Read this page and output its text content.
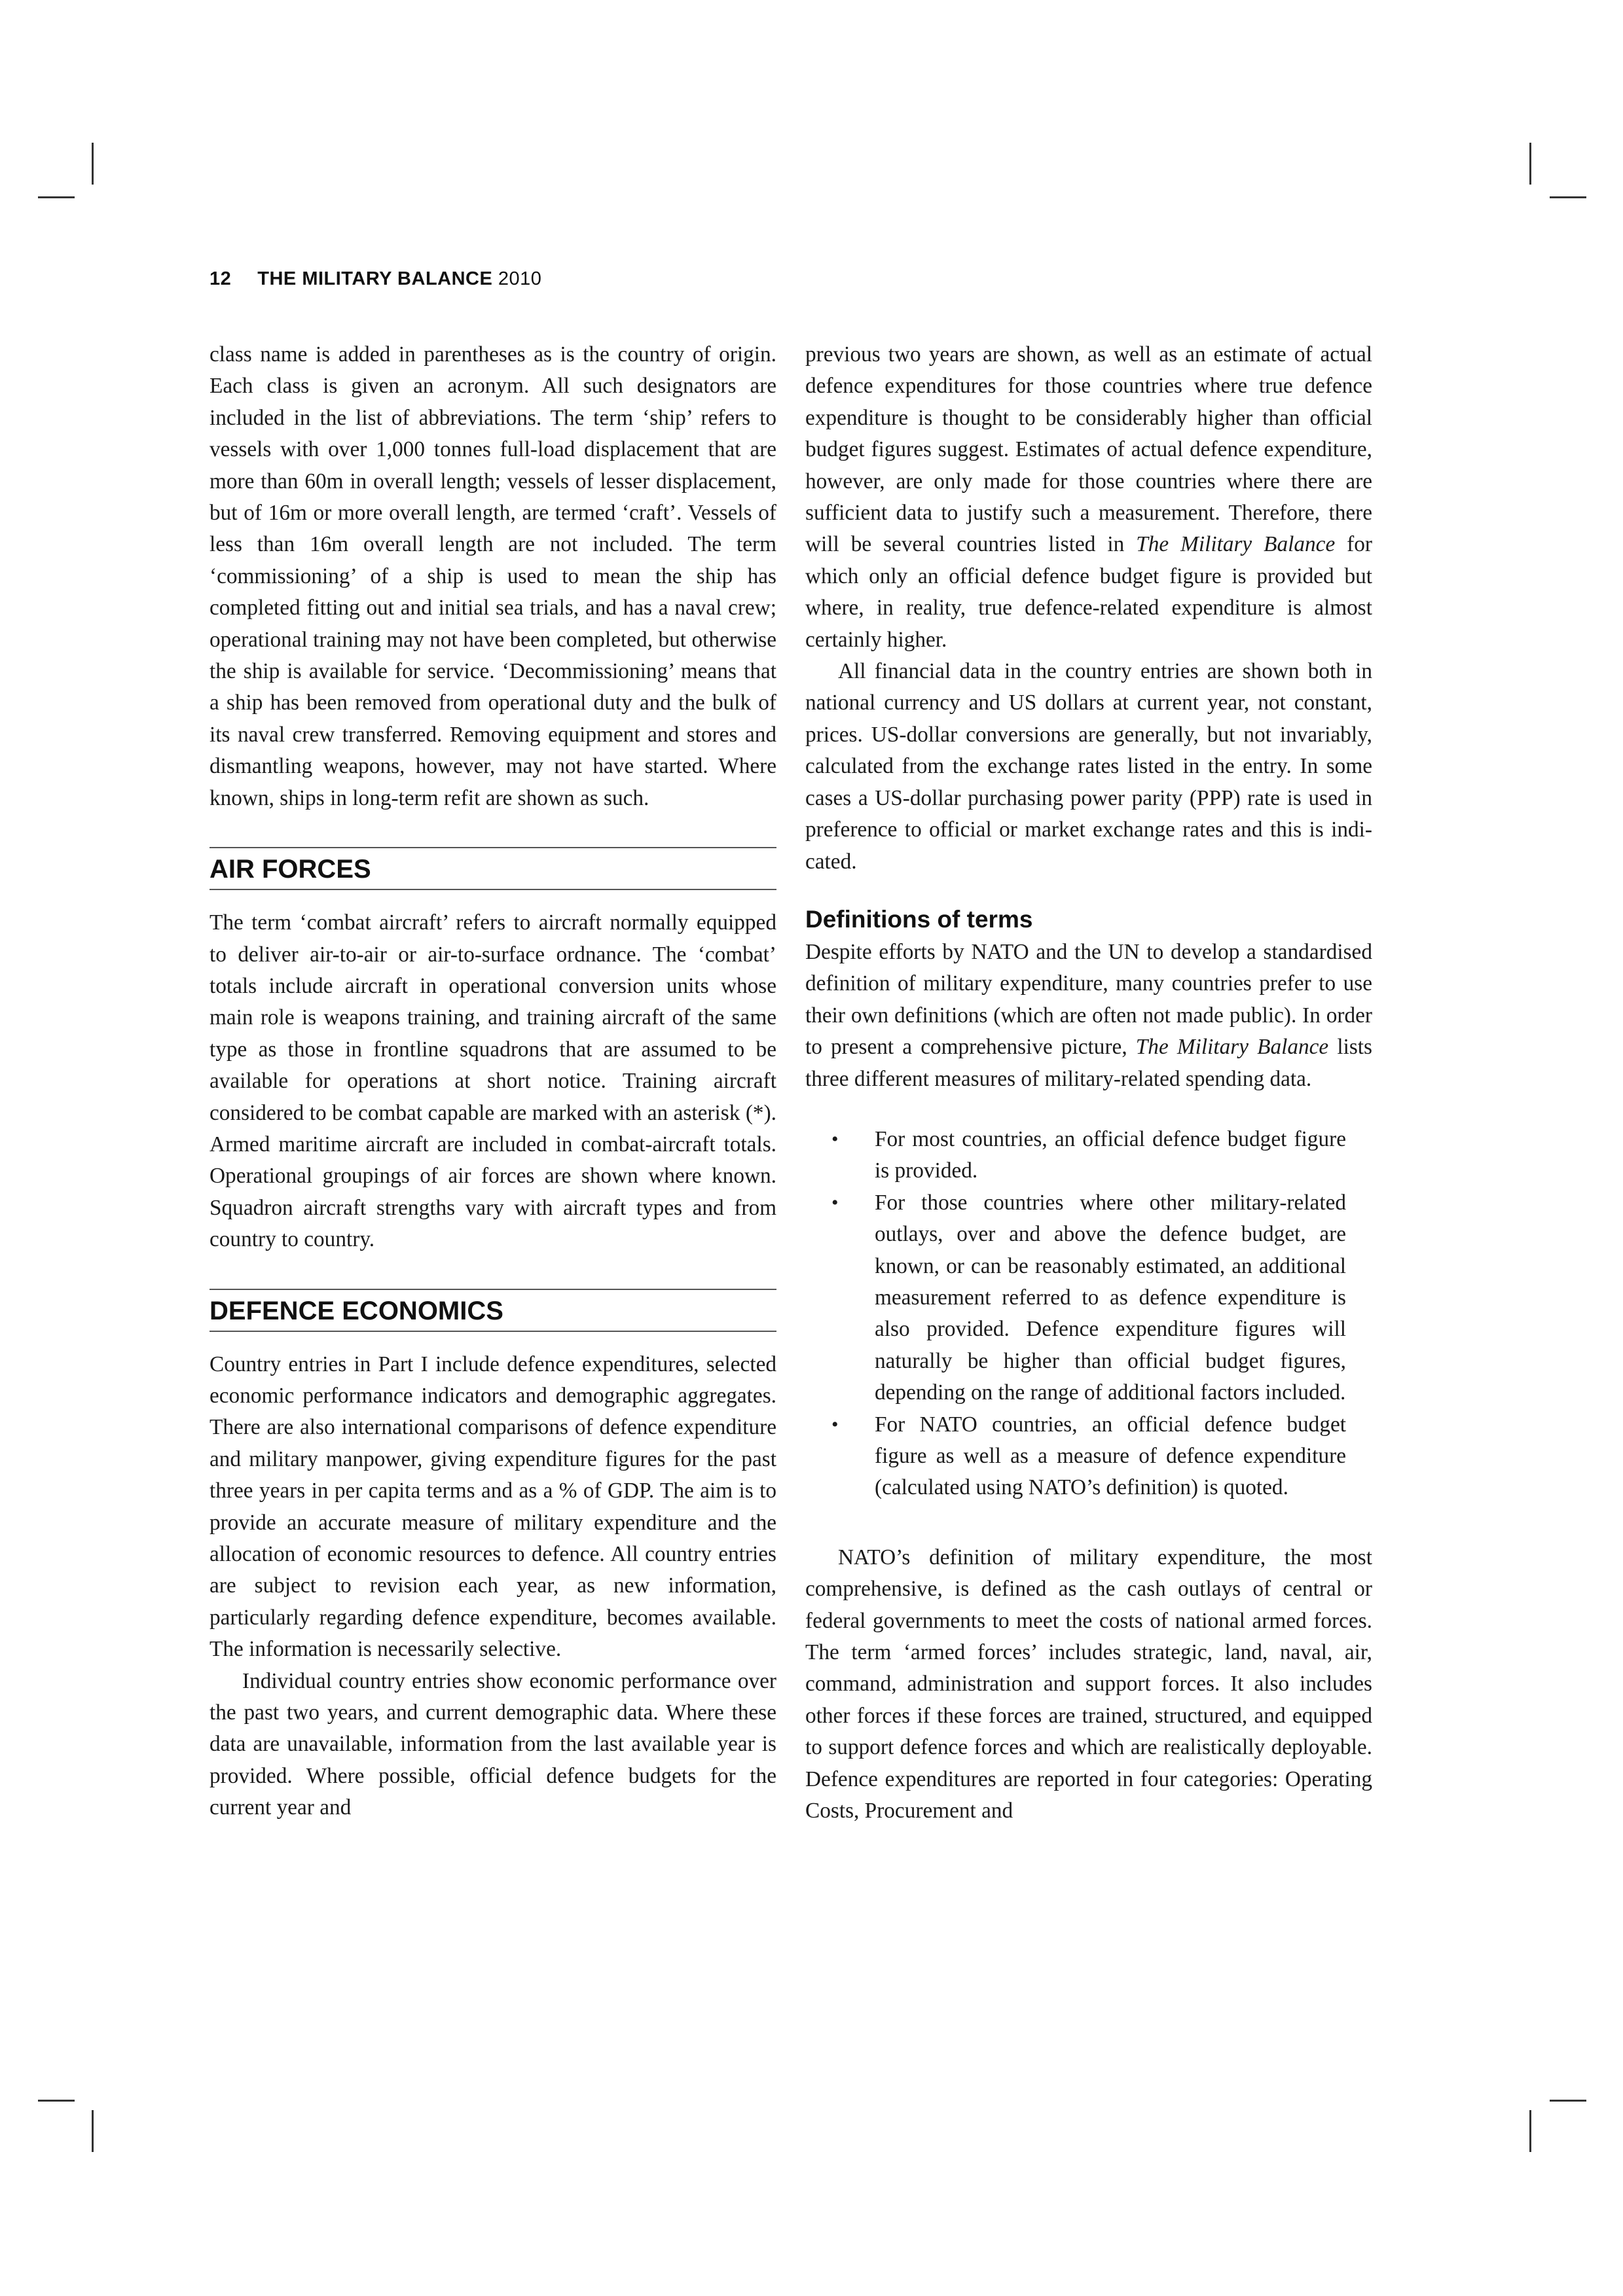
12 THE MILITARY BALANCE 2010

class name is added in parentheses as is the country of origin. Each class is given an acronym. All such designators are included in the list of abbreviations. The term ‘ship’ refers to vessels with over 1,000 tonnes full-load displacement that are more than 60m in overall length; vessels of lesser displacement, but of 16m or more overall length, are termed ‘craft’. Vessels of less than 16m overall length are not included. The term ‘commissioning’ of a ship is used to mean the ship has completed fitting out and initial sea trials, and has a naval crew; operational training may not have been completed, but otherwise the ship is available for service. ‘Decommissioning’ means that a ship has been removed from operational duty and the bulk of its naval crew transferred. Removing equipment and stores and dismantling weapons, however, may not have started. Where known, ships in long-term refit are shown as such.

AIR FORCES

The term ‘combat aircraft’ refers to aircraft normally equipped to deliver air-to-air or air-to-surface ordnance. The ‘combat’ totals include aircraft in operational conversion units whose main role is weapons training, and training aircraft of the same type as those in frontline squadrons that are assumed to be available for operations at short notice. Training aircraft considered to be combat capable are marked with an asterisk (*). Armed maritime aircraft are included in combat-aircraft totals. Operational groupings of air forces are shown where known. Squadron aircraft strengths vary with aircraft types and from country to country.

DEFENCE ECONOMICS

Country entries in Part I include defence expenditures, selected economic performance indicators and demographic aggregates. There are also international comparisons of defence expenditure and military manpower, giving expenditure figures for the past three years in per capita terms and as a % of GDP. The aim is to provide an accurate measure of military expenditure and the allocation of economic resources to defence. All country entries are subject to revision each year, as new information, particularly regarding defence expenditure, becomes available. The information is necessarily selective.

Individual country entries show economic performance over the past two years, and current demographic data. Where these data are unavailable, information from the last available year is provided. Where possible, official defence budgets for the current year and

previous two years are shown, as well as an estimate of actual defence expenditures for those countries where true defence expenditure is thought to be considerably higher than official budget figures suggest. Estimates of actual defence expenditure, however, are only made for those countries where there are sufficient data to justify such a measurement. Therefore, there will be several countries listed in The Military Balance for which only an official defence budget figure is provided but where, in reality, true defence-related expenditure is almost certainly higher.

All financial data in the country entries are shown both in national currency and US dollars at current year, not constant, prices. US-dollar conversions are generally, but not invariably, calculated from the exchange rates listed in the entry. In some cases a US-dollar purchasing power parity (PPP) rate is used in preference to official or market exchange rates and this is indicated.

Definitions of terms

Despite efforts by NATO and the UN to develop a standardised definition of military expenditure, many countries prefer to use their own definitions (which are often not made public). In order to present a comprehensive picture, The Military Balance lists three different measures of military-related spending data.

• For most countries, an official defence budget figure is provided.
• For those countries where other military-related outlays, over and above the defence budget, are known, or can be reasonably estimated, an additional measurement referred to as defence expenditure is also provided. Defence expenditure figures will naturally be higher than official budget figures, depending on the range of additional factors included.
• For NATO countries, an official defence budget figure as well as a measure of defence expenditure (calculated using NATO’s definition) is quoted.

NATO’s definition of military expenditure, the most comprehensive, is defined as the cash outlays of central or federal governments to meet the costs of national armed forces. The term ‘armed forces’ includes strategic, land, naval, air, command, administration and support forces. It also includes other forces if these forces are trained, structured, and equipped to support defence forces and which are realistically deployable. Defence expenditures are reported in four categories: Operating Costs, Procurement and
